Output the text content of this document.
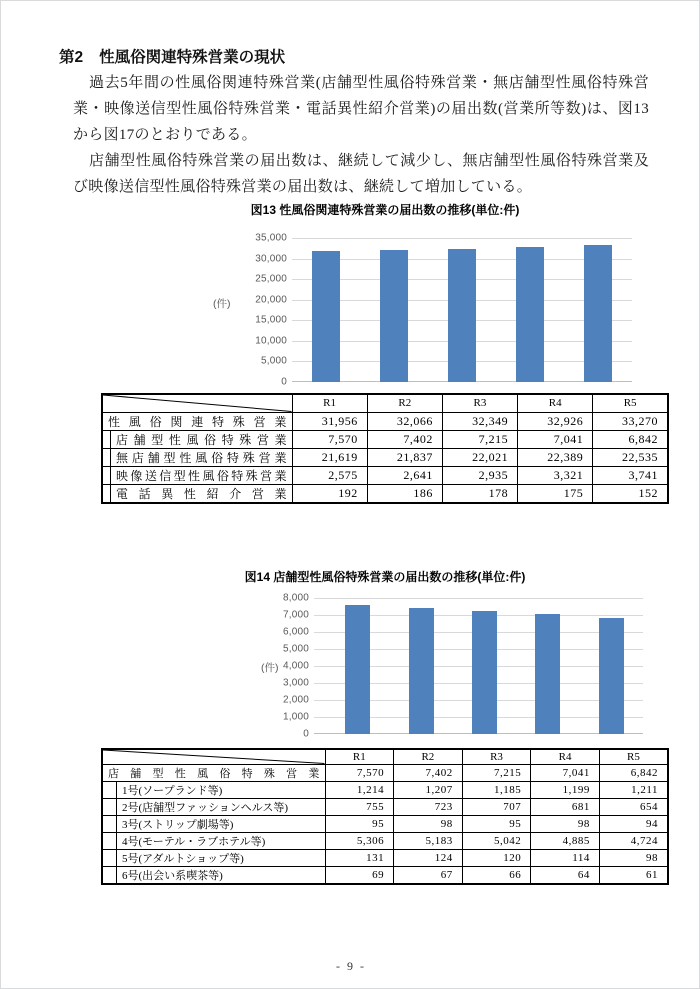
第2 性風俗関連特殊営業の現状

過去5年間の性風俗関連特殊営業(店舗型性風俗特殊営業・無店舗型性風俗特殊営業・映像送信型性風俗特殊営業・電話異性紹介営業)の届出数(営業所等数)は、図13から図17のとおりである。

店舗型性風俗特殊営業の届出数は、継続して減少し、無店舗型性風俗特殊営業及び映像送信型性風俗特殊営業の届出数は、継続して増加している。

図13 性風俗関連特殊営業の届出数の推移(単位:件)
(件)
0
5,000
10,000
15,000
20,000
25,000
30,000
35,000
	R1	R2	R3	R4	R5

性 風 俗 関 連 特 殊 営 業	31,956	32,066	32,349	32,926	33,270

店 舗 型 性 風 俗 特 殊 営 業	7,570	7,402	7,215	7,041	6,842

無 店 舗 型 性 風 俗 特 殊 営 業	21,619	21,837	22,021	22,389	22,535

映 像 送 信 型 性 風 俗 特 殊 営 業	2,575	2,641	2,935	3,321	3,741

電 話 異 性 紹 介 営 業	192	186	178	175	152
図14 店舗型性風俗特殊営業の届出数の推移(単位:件)
(件)
0
1,000
2,000
3,000
4,000
5,000
6,000
7,000
8,000
	R1	R2	R3	R4	R5

店 舗 型 性 風 俗 特 殊 営 業	7,570	7,402	7,215	7,041	6,842

1号(ソープランド等)	1,214	1,207	1,185	1,199	1,211

2号(店舗型ファッションヘルス等)	755	723	707	681	654

3号(ストリップ劇場等)	95	98	95	98	94

4号(モーテル・ラブホテル等)	5,306	5,183	5,042	4,885	4,724

5号(アダルトショップ等)	131	124	120	114	98

6号(出会い系喫茶等)	69	67	66	64	61
- 9 -
